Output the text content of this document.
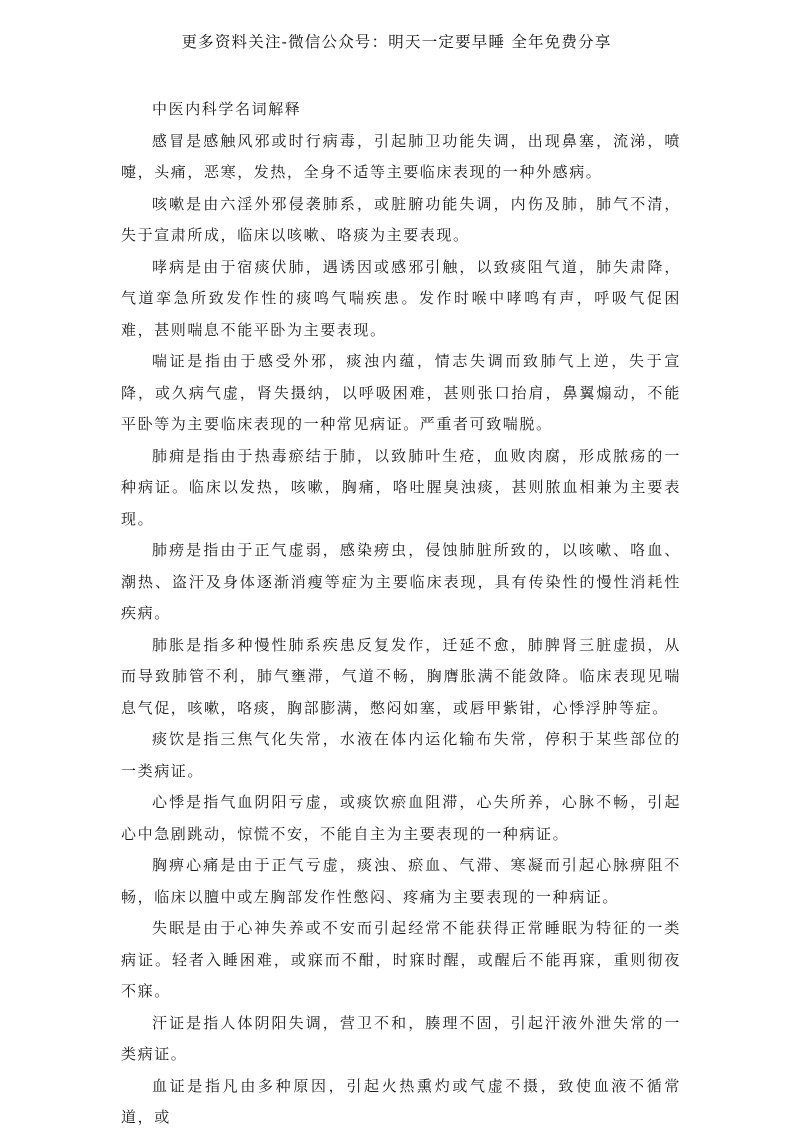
更多资料关注-微信公众号：明天一定要早睡 全年免费分享

中医内科学名词解释

感冒是感触风邪或时行病毒，引起肺卫功能失调，出现鼻塞，流涕，喷嚏，头痛，恶寒，发热，全身不适等主要临床表现的一种外感病。

咳嗽是由六淫外邪侵袭肺系，或脏腑功能失调，内伤及肺，肺气不清，失于宣肃所成，临床以咳嗽、咯痰为主要表现。

哮病是由于宿痰伏肺，遇诱因或感邪引触，以致痰阻气道，肺失肃降，气道挛急所致发作性的痰鸣气喘疾患。发作时喉中哮鸣有声，呼吸气促困难，甚则喘息不能平卧为主要表现。

喘证是指由于感受外邪，痰浊内蕴，情志失调而致肺气上逆，失于宣降，或久病气虚，肾失摄纳，以呼吸困难，甚则张口抬肩，鼻翼煽动，不能平卧等为主要临床表现的一种常见病证。严重者可致喘脱。

肺痈是指由于热毒瘀结于肺，以致肺叶生疮，血败肉腐，形成脓疡的一种病证。临床以发热，咳嗽，胸痛，咯吐腥臭浊痰，甚则脓血相兼为主要表现。

肺痨是指由于正气虚弱，感染痨虫，侵蚀肺脏所致的，以咳嗽、咯血、潮热、盗汗及身体逐渐消瘦等症为主要临床表现，具有传染性的慢性消耗性疾病。

肺胀是指多种慢性肺系疾患反复发作，迁延不愈，肺脾肾三脏虚损，从而导致肺管不利，肺气壅滞，气道不畅，胸膺胀满不能敛降。临床表现见喘息气促，咳嗽，咯痰，胸部膨满，憋闷如塞，或唇甲紫钳，心悸浮肿等症。

痰饮是指三焦气化失常，水液在体内运化输布失常，停积于某些部位的一类病证。

心悸是指气血阴阳亏虚，或痰饮瘀血阻滞，心失所养，心脉不畅，引起心中急剧跳动，惊慌不安，不能自主为主要表现的一种病证。

胸痹心痛是由于正气亏虚，痰浊、瘀血、气滞、寒凝而引起心脉痹阻不畅，临床以膻中或左胸部发作性憋闷、疼痛为主要表现的一种病证。

失眠是由于心神失养或不安而引起经常不能获得正常睡眠为特征的一类病证。轻者入睡困难，或寐而不酣，时寐时醒，或醒后不能再寐，重则彻夜不寐。

汗证是指人体阴阳失调，营卫不和，腠理不固，引起汗液外泄失常的一类病证。

血证是指凡由多种原因，引起火热熏灼或气虚不摄，致使血液不循常道，或
